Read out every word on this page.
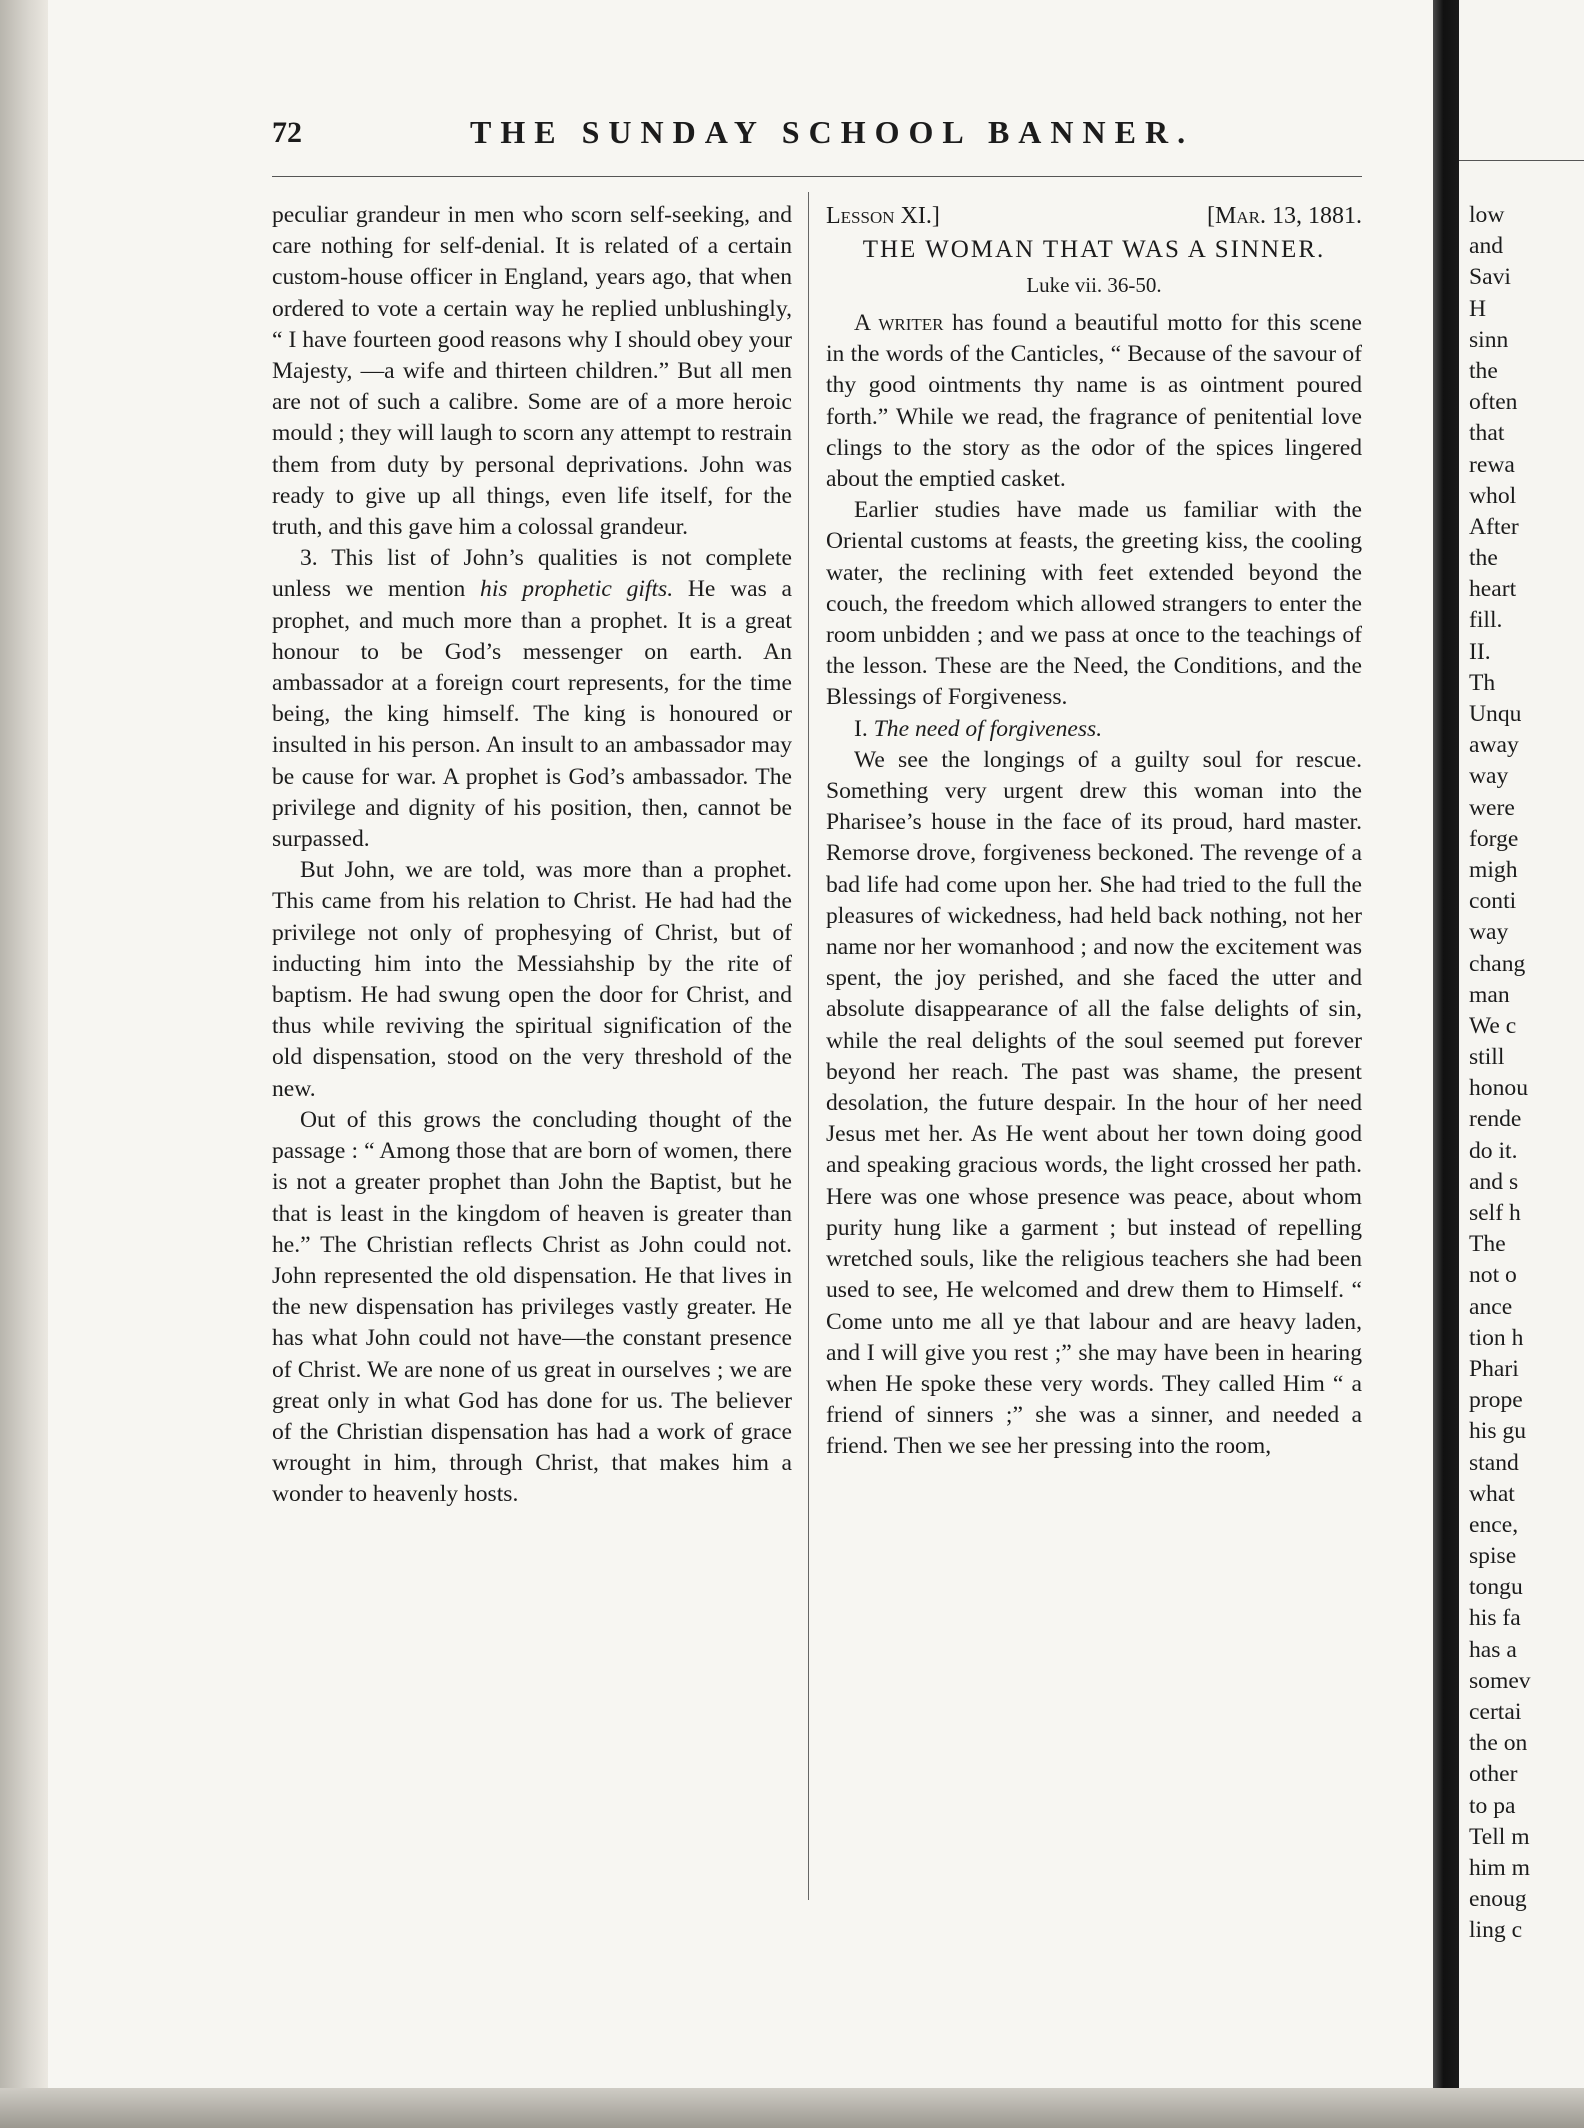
low
and
Savi
H
sinn
the
often
that
rewa
whol
After
the
heart
fill.
II.
Th
Unqu
away
way
were
forge
migh
conti
way
chang
man
We c
still
honou
rende
do it.
and s
self h
The
not o
ance
tion h
Phari
prope
his gu
stand
what
ence,
spise
tongu
his fa
has a
somev
certai
the on
other
to pa
Tell m
him m
enoug
ling c
72	THE SUNDAY SCHOOL BANNER.

peculiar grandeur in men who scorn self-seeking, and care nothing for self-denial. It is related of a certain custom-house officer in England, years ago, that when ordered to vote a certain way he replied unblushingly, “ I have fourteen good reasons why I should obey your Majesty, —a wife and thirteen children.” But all men are not of such a calibre. Some are of a more heroic mould ; they will laugh to scorn any attempt to restrain them from duty by personal deprivations. John was ready to give up all things, even life itself, for the truth, and this gave him a colossal grandeur.

3. This list of John’s qualities is not complete unless we mention his prophetic gifts. He was a prophet, and much more than a prophet. It is a great honour to be God’s messenger on earth. An ambassador at a foreign court represents, for the time being, the king himself. The king is honoured or insulted in his person. An insult to an ambassador may be cause for war. A prophet is God’s ambassador. The privilege and dignity of his position, then, cannot be surpassed.

But John, we are told, was more than a prophet. This came from his relation to Christ. He had had the privilege not only of prophesying of Christ, but of inducting him into the Messiahship by the rite of baptism. He had swung open the door for Christ, and thus while reviving the spiritual signification of the old dispensation, stood on the very threshold of the new.

Out of this grows the concluding thought of the passage : “ Among those that are born of women, there is not a greater prophet than John the Baptist, but he that is least in the kingdom of heaven is greater than he.” The Christian reflects Christ as John could not. John represented the old dispensation. He that lives in the new dispensation has privileges vastly greater. He has what John could not have—the constant presence of Christ. We are none of us great in ourselves ; we are great only in what God has done for us. The believer of the Christian dispensation has had a work of grace wrought in him, through Christ, that makes him a wonder to heavenly hosts.

Lesson XI.]	[Mar. 13, 1881.
THE WOMAN THAT WAS A SINNER.
Luke vii. 36-50.

A writer has found a beautiful motto for this scene in the words of the Canticles, “ Because of the savour of thy good ointments thy name is as ointment poured forth.” While we read, the fragrance of penitential love clings to the story as the odor of the spices lingered about the emptied casket.

Earlier studies have made us familiar with the Oriental customs at feasts, the greeting kiss, the cooling water, the reclining with feet extended beyond the couch, the freedom which allowed strangers to enter the room unbidden ; and we pass at once to the teachings of the lesson. These are the Need, the Conditions, and the Blessings of Forgiveness.

I. The need of forgiveness.

We see the longings of a guilty soul for rescue. Something very urgent drew this woman into the Pharisee’s house in the face of its proud, hard master. Remorse drove, forgiveness beckoned. The revenge of a bad life had come upon her. She had tried to the full the pleasures of wickedness, had held back nothing, not her name nor her womanhood ; and now the excitement was spent, the joy perished, and she faced the utter and absolute disappearance of all the false delights of sin, while the real delights of the soul seemed put forever beyond her reach. The past was shame, the present desolation, the future despair. In the hour of her need Jesus met her. As He went about her town doing good and speaking gracious words, the light crossed her path. Here was one whose presence was peace, about whom purity hung like a garment ; but instead of repelling wretched souls, like the religious teachers she had been used to see, He welcomed and drew them to Himself. “ Come unto me all ye that labour and are heavy laden, and I will give you rest ;” she may have been in hearing when He spoke these very words. They called Him “ a friend of sinners ;” she was a sinner, and needed a friend. Then we see her pressing into the room,
